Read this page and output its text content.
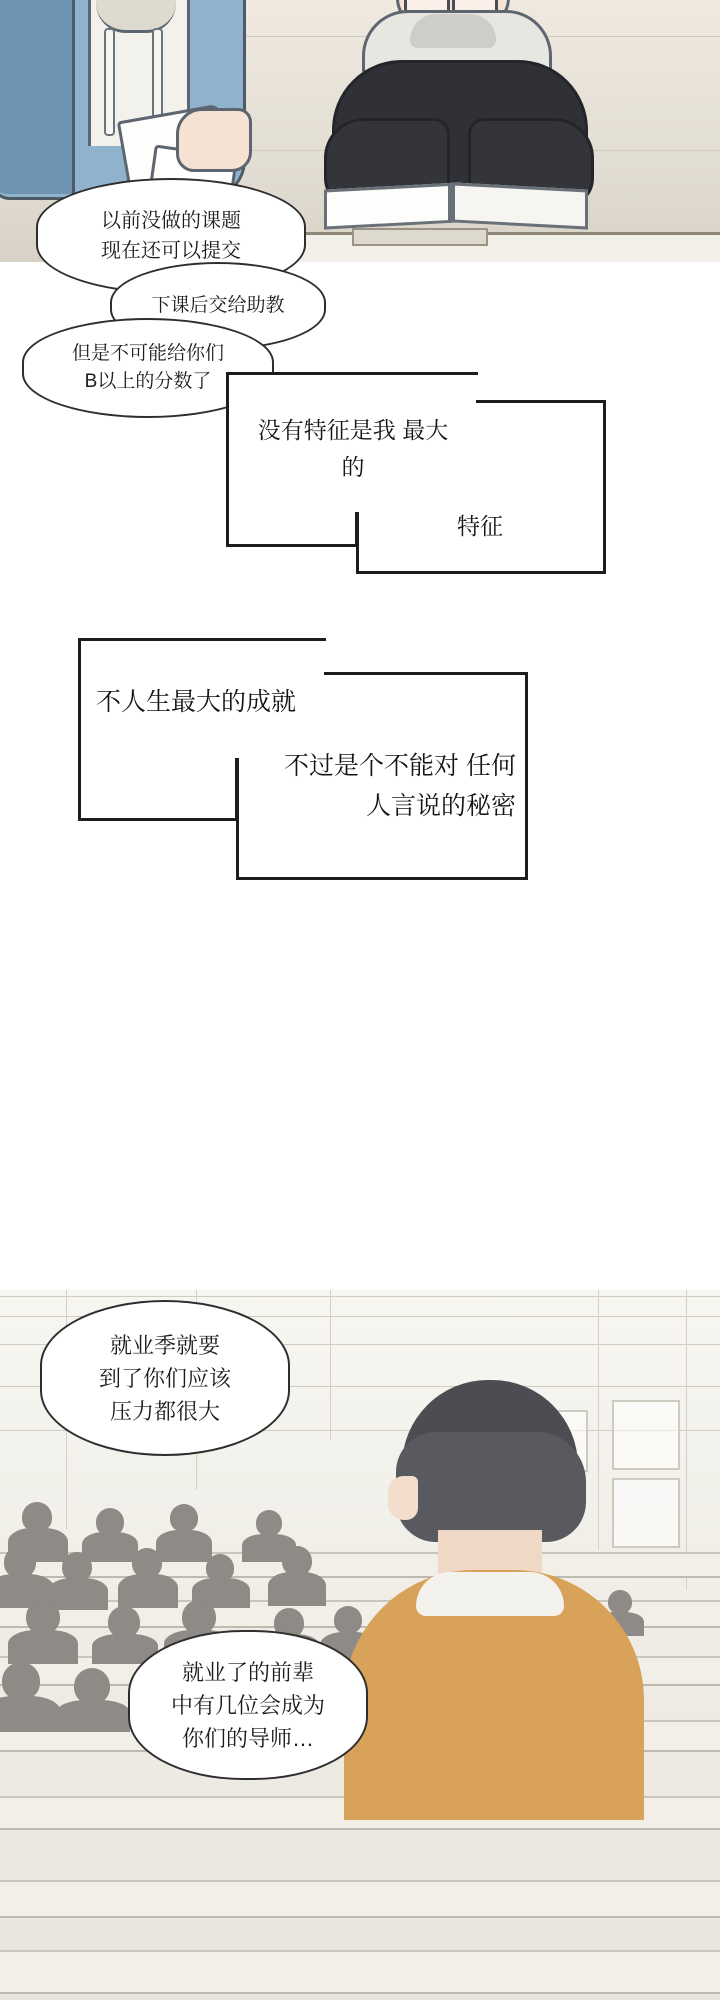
以前没做的课题
现在还可以提交
下课后交给助教
但是不可能给你们
B以上的分数了
没有特征是我 最大的
特征
不人生最大的成就
不过是个不能对 任何人言说的秘密
就业季就要
到了你们应该
压力都很大
就业了的前辈
中有几位会成为
你们的导师…
